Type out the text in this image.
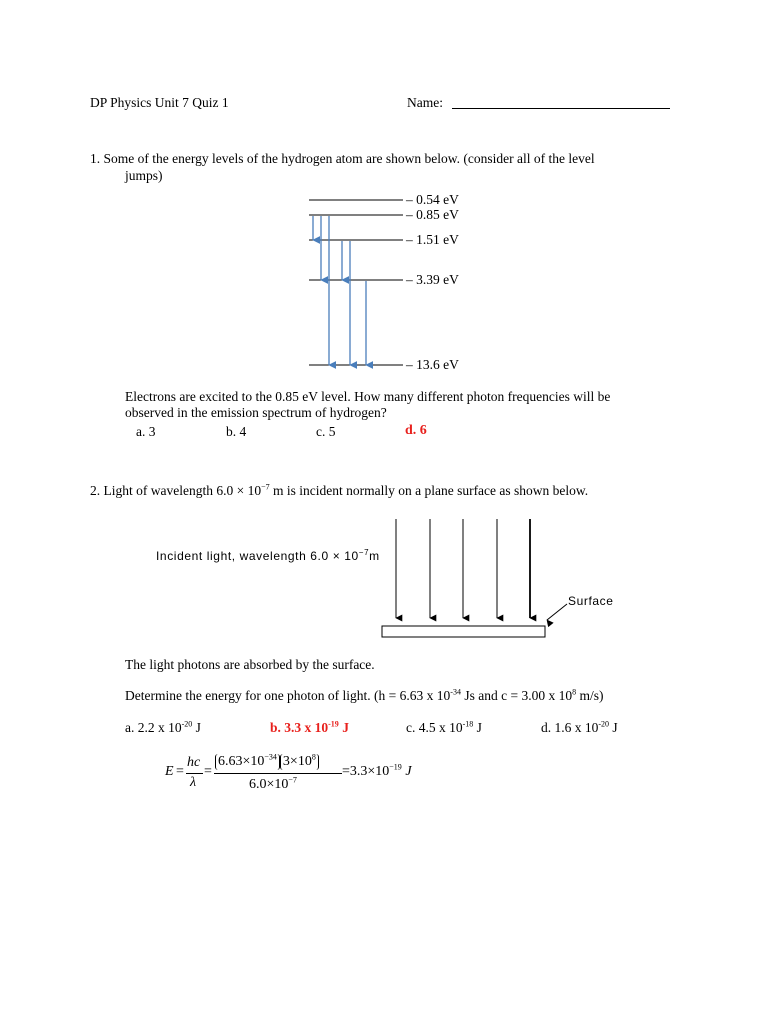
DP Physics Unit 7 Quiz 1	Name:
1. Some of the energy levels of the hydrogen atom are shown below. (consider all of the level
jumps)
– 0.54 eV
– 0.85 eV
– 1.51 eV
– 3.39 eV
– 13.6 eV
Electrons are excited to the 0.85 eV level. How many different photon frequencies will be
observed in the emission spectrum of hydrogen?
a. 3	b. 4	c. 5	d. 6
2. Light of wavelength $6.0 \times 10^{-7}$ m is incident normally on a plane surface as shown below.
Incident light, wavelength $6.0 \times 10^{-7}m$
Surface
The light photons are absorbed by the surface.
Determine the energy for one photon of light. (h = 6.63 x $10^{-34}$ Js and c = 3.00 x $10^8$ m/s)
a. 2.2 x $10^{-20}$ J	b. 3.3 x $10^{-19}$ J	c. 4.5 x $10^{-18}$ J	d. 1.6 x $10^{-20}$ J
E =
hc
λ
=
$6.63\times 10^{-34}$ $3\times 10^8$
$6.0\times 10^{-7}$
$=3.3\times 10^{-19}$ J
